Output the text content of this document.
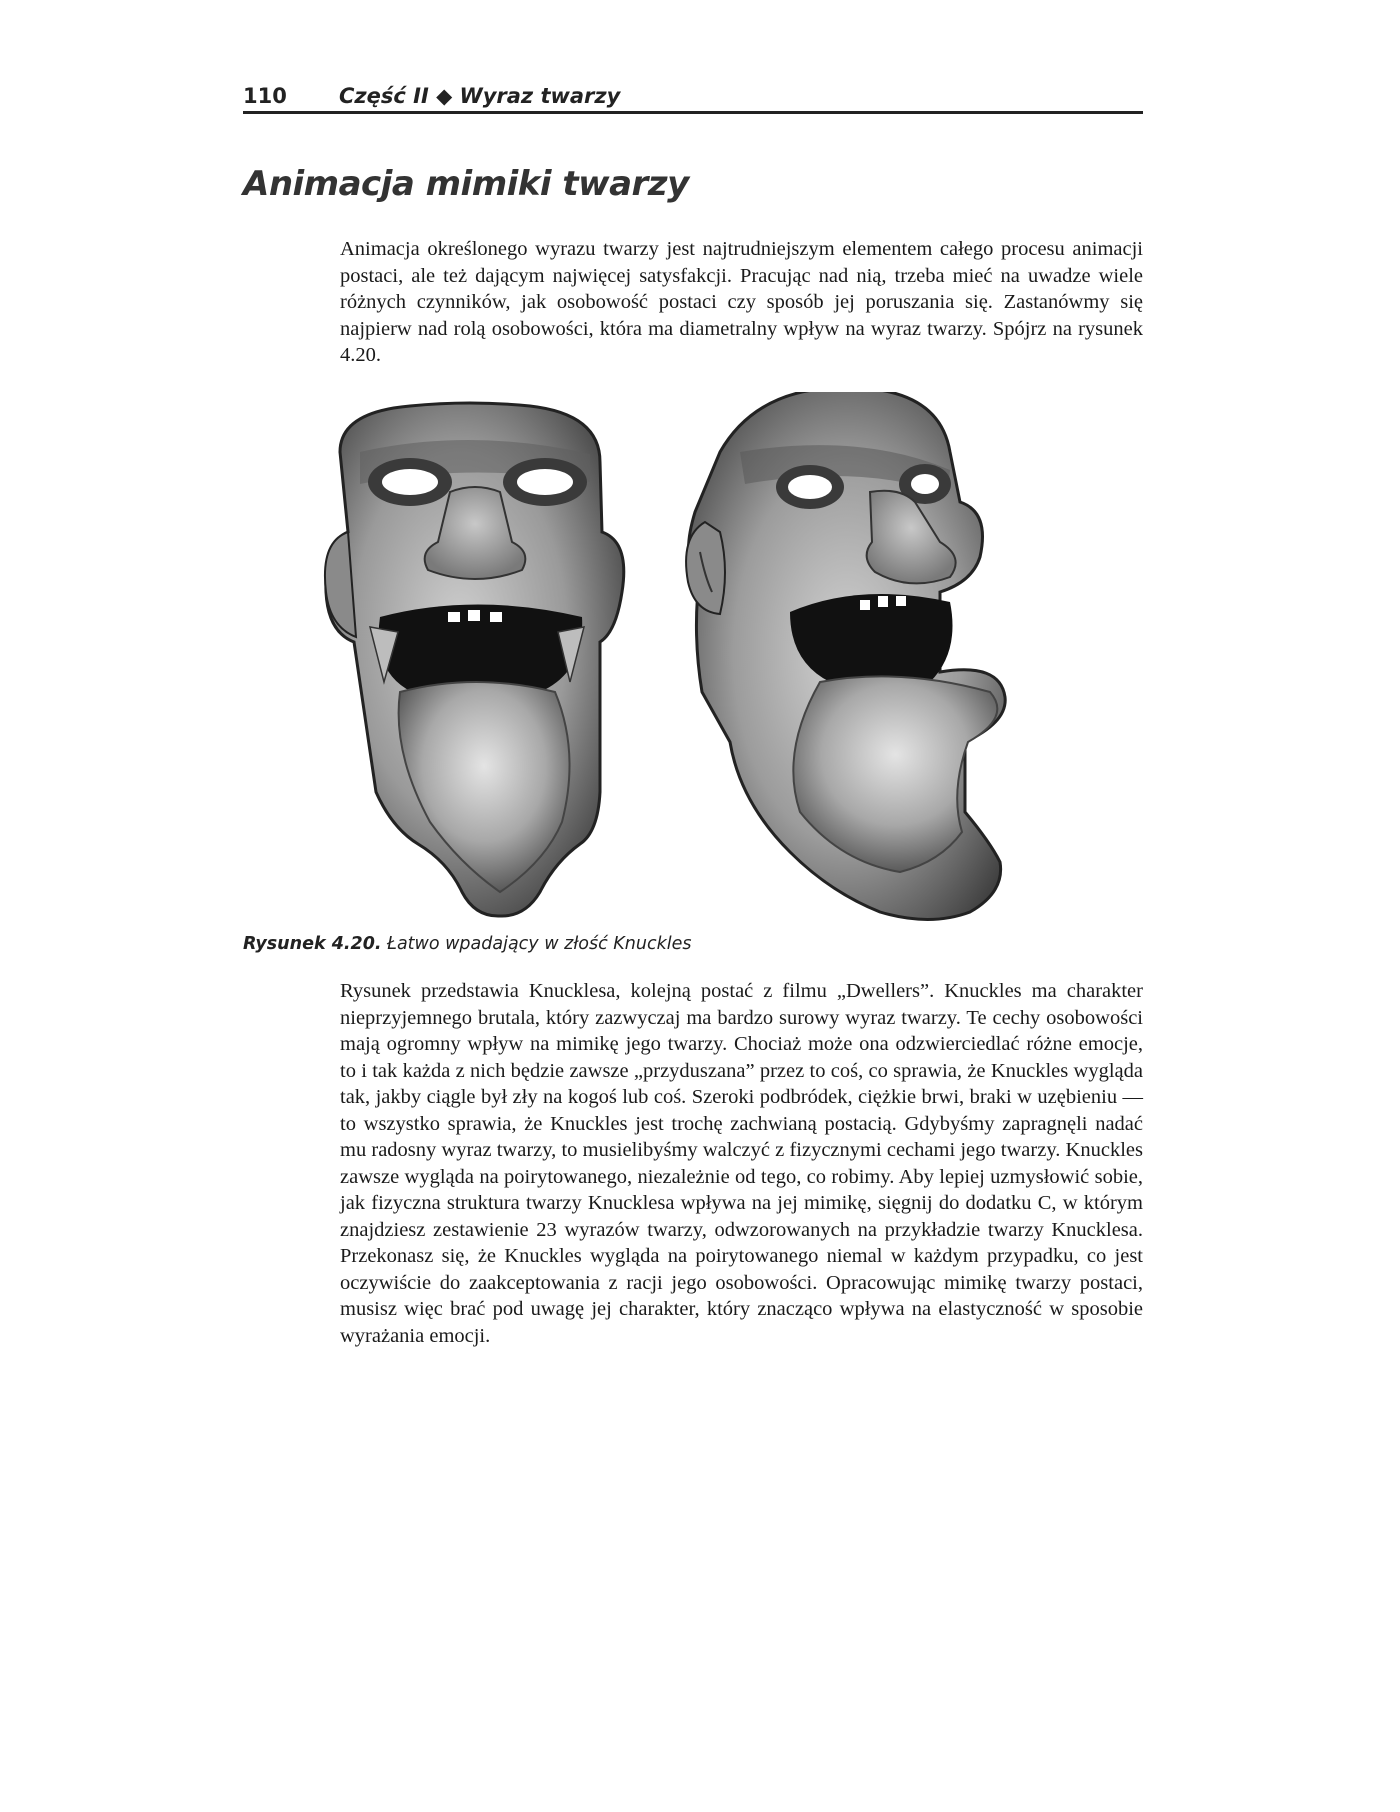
110 Część II ◆ Wyraz twarzy
Animacja mimiki twarzy

Animacja określonego wyrazu twarzy jest najtrudniejszym elementem całego procesu animacji postaci, ale też dającym najwięcej satysfakcji. Pracując nad nią, trzeba mieć na uwadze wiele różnych czynników, jak osobowość postaci czy sposób jej poruszania się. Zastanówmy się najpierw nad rolą osobowości, która ma diametralny wpływ na wyraz twarzy. Spójrz na rysunek 4.20.

Rysunek 4.20. Łatwo wpadający w złość Knuckles

Rysunek przedstawia Knucklesa, kolejną postać z filmu „Dwellers”. Knuckles ma charakter nieprzyjemnego brutala, który zazwyczaj ma bardzo surowy wyraz twarzy. Te cechy osobowości mają ogromny wpływ na mimikę jego twarzy. Chociaż może ona odzwierciedlać różne emocje, to i tak każda z nich będzie zawsze „przyduszana” przez to coś, co sprawia, że Knuckles wygląda tak, jakby ciągle był zły na kogoś lub coś. Szeroki podbródek, ciężkie brwi, braki w uzębieniu — to wszystko sprawia, że Knuckles jest trochę zachwianą postacią. Gdybyśmy zapragnęli nadać mu radosny wyraz twarzy, to musielibyśmy walczyć z fizycznymi cechami jego twarzy. Knuckles zawsze wygląda na poirytowanego, niezależnie od tego, co robimy. Aby lepiej uzmysłowić sobie, jak fizyczna struktura twarzy Knucklesa wpływa na jej mimikę, sięgnij do dodatku C, w którym znajdziesz zestawienie 23 wyrazów twarzy, odwzorowanych na przykładzie twarzy Knucklesa. Przekonasz się, że Knuckles wygląda na poirytowanego niemal w każdym przypadku, co jest oczywiście do zaakceptowania z racji jego osobowości. Opracowując mimikę twarzy postaci, musisz więc brać pod uwagę jej charakter, który znacząco wpływa na elastyczność w sposobie wyrażania emocji.
